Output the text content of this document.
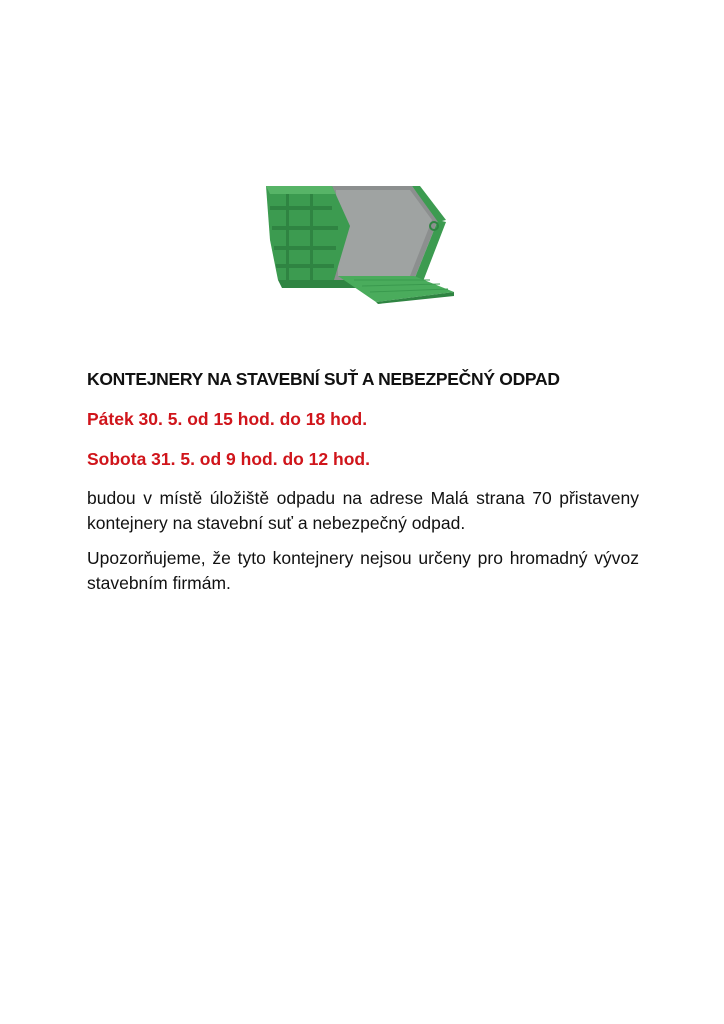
KONTEJNERY NA STAVEBNÍ SUŤ A NEBEZPEČNÝ ODPAD

Pátek 30. 5. od 15 hod. do 18 hod.

Sobota 31. 5. od 9 hod. do 12 hod.

budou v místě úložiště odpadu na adrese Malá strana 70 přistaveny kontejnery na stavební suť a nebezpečný odpad.

Upozorňujeme, že tyto kontejnery nejsou určeny pro hromadný vývoz stavebním firmám.
